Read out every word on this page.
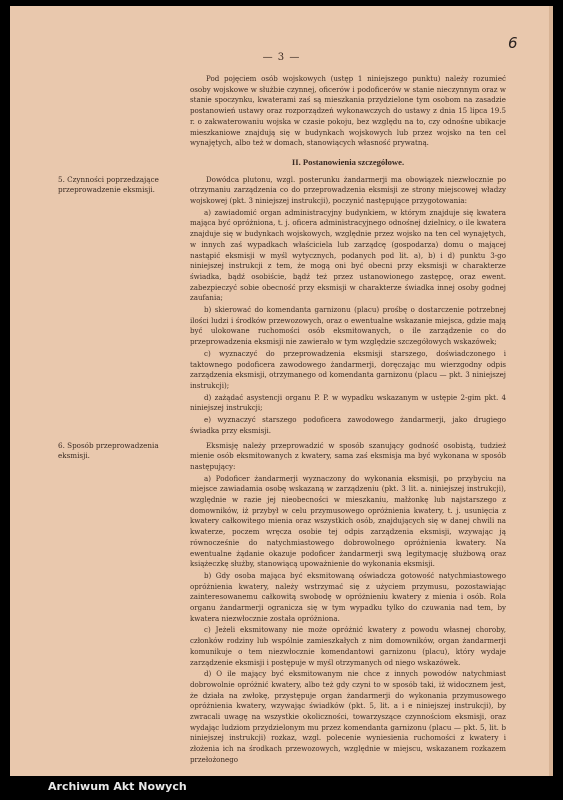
6
— 3 —

Pod pojęciem osób wojskowych (ustęp 1 niniejszego punktu) należy rozumieć osoby wojskowe w służbie czynnej, oficerów i podoficerów w stanie nieczynnym oraz w stanie spoczynku, kwaterami zaś są mieszkania przydzielone tym osobom na zasadzie postanowień ustawy oraz rozporządzeń wykonawczych do ustawy z dnia 15 lipca 19.5 r. o zakwaterowaniu wojska w czasie pokoju, bez względu na to, czy odnośne ubikacje mieszkaniowe znajdują się w budynkach wojskowych lub przez wojsko na ten cel wynajętych, albo też w domach, stanowiących własność prywatną.

II. Postanowienia szczegółowe.

Dowódca plutonu, wzgl. posterunku żandarmerji ma obowiązek niezwłocznie po otrzymaniu zarządzenia co do przeprowadzenia eksmisji ze strony miejscowej władzy wojskowej (pkt. 3 niniejszej instrukcji), poczynić następujące przygotowania:

a) zawiadomić organ administracyjny budynkiem, w którym znajduje się kwatera mająca być opróżniona, t. j. oficera administracyjnego odnośnej dzielnicy, o ile kwatera znajduje się w budynkach wojskowych, względnie przez wojsko na ten cel wynajętych, w innych zaś wypadkach właściciela lub zarządcę (gospodarza) domu o mającej nastąpić eksmisji w myśl wytycznych, podanych pod lit. a), b) i d) punktu 3-go niniejszej instrukcji z tem, że mogą oni być obecni przy eksmisji w charakterze świadka, bądź osobiście, bądź też przez ustanowionego zastępcę, oraz ewent. zabezpieczyć sobie obecność przy eksmisji w charakterze świadka innej osoby godnej zaufania;

b) skierować do komendanta garnizonu (placu) prośbę o dostarczenie potrzebnej ilości ludzi i środków przewozowych, oraz o ewentualne wskazanie miejsca, gdzie mają być ulokowane ruchomości osób eksmitowanych, o ile zarządzenie co do przeprowadzenia eksmisji nie zawierało w tym względzie szczegółowych wskazówek;

c) wyznaczyć do przeprowadzenia eksmisji starszego, doświadczonego i taktownego podoficera zawodowego żandarmerji, doręczając mu wierzgodny odpis zarządzenia eksmisji, otrzymanego od komendanta garnizonu (placu — pkt. 3 niniejszej instrukcji);

d) zażądać asystencji organu P. P. w wypadku wskazanym w ustępie 2-gim pkt. 4 niniejszej instrukcji;

e) wyznaczyć starszego podoficera zawodowego żandarmerji, jako drugiego świadka przy eksmisji.

Eksmisję należy przeprowadzić w sposób szanujący godność osobistą, tudzież mienie osób eksmitowanych z kwatery, sama zaś eksmisja ma być wykonana w sposób następujący:

a) Podoficer żandarmerji wyznaczony do wykonania eksmisji, po przybyciu na miejsce zawiadamia osobę wskazaną w zarządzeniu (pkt. 3 lit. a. niniejszej instrukcji), względnie w razie jej nieobecności w mieszkaniu, małżonkę lub najstarszego z domowników, iż przybył w celu przymusowego opróżnienia kwatery, t. j. usunięcia z kwatery całkowitego mienia oraz wszystkich osób, znajdujących się w danej chwili na kwaterze, poczem wręcza osobie tej odpis zarządzenia eksmisji, wzywając ją równocześnie do natychmiastowego dobrowolnego opróżnienia kwatery. Na ewentualne żądanie okazuje podoficer żandarmerji swą legitymację służbową oraz książeczkę służby, stanowiącą upoważnienie do wykonania eksmisji.

b) Gdy osoba mająca być eksmitowaną oświadcza gotowość natychmiastowego opróżnienia kwatery, należy wstrzymać się z użyciem przymusu, pozostawiając zainteresowanemu całkowitą swobodę w opróżnieniu kwatery z mienia i osób. Rola organu żandarmerji ogranicza się w tym wypadku tylko do czuwania nad tem, by kwatera niezwłocznie została opróżniona.

c) Jeżeli eksmitowany nie może opróżnić kwatery z powodu własnej choroby, członków rodziny lub wspólnie zamieszkałych z nim domowników, organ żandarmerji komunikuje o tem niezwłocznie komendantowi garnizonu (placu), który wydaje zarządzenie eksmisji i postępuje w myśl otrzymanych od niego wskazówek.

d) O ile mający być eksmitowanym nie chce z innych powodów natychmiast dobrowolnie opróżnić kwatery, albo też gdy czyni to w sposób taki, iż widocznem jest, że działa na zwłokę, przystępuje organ żandarmerji do wykonania przymusowego opróżnienia kwatery, wzywając świadków (pkt. 5, lit. a i e niniejszej instrukcji), by zwracali uwagę na wszystkie okoliczności, towarzyszące czynnościom eksmisji, oraz wydając ludziom przydzielonym mu przez komendanta garnizonu (placu — pkt. 5, lit. b niniejszej instrukcji) rozkaz, wzgl. polecenie wyniesienia ruchomości z kwatery i złożenia ich na środkach przewozowych, względnie w miejscu, wskazanem rozkazem przełożonego

5. Czynności poprzedzające przeprowadzenie eksmisji.
6. Sposób przeprowadzenia eksmisji.
Archiwum Akt Nowych
